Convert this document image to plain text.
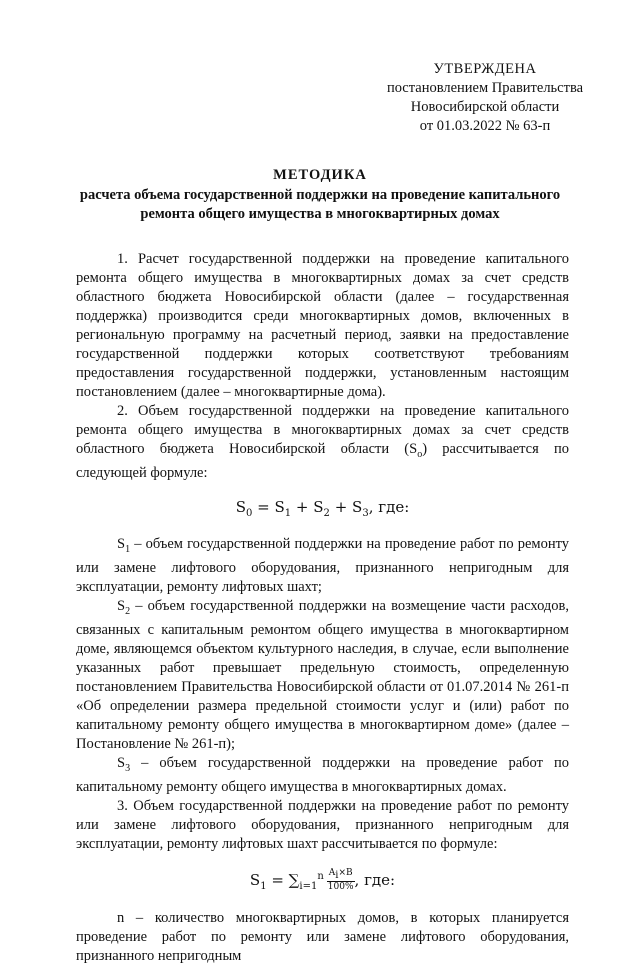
УТВЕРЖДЕНА
постановлением Правительства
Новосибирской области
от 01.03.2022 № 63-п
МЕТОДИКА
расчета объема государственной поддержки на проведение капитального
ремонта общего имущества в многоквартирных домах

1. Расчет государственной поддержки на проведение капитального ремонта общего имущества в многоквартирных домах за счет средств областного бюджета Новосибирской области (далее – государственная поддержка) производится среди многоквартирных домов, включенных в региональную программу на расчетный период, заявки на предоставление государственной поддержки которых соответствуют требованиям предоставления государственной поддержки, установленным настоящим постановлением (далее – многоквартирные дома).

2. Объем государственной поддержки на проведение капитального ремонта общего имущества в многоквартирных домах за счет средств областного бюджета Новосибирской области $(S_о)$ рассчитывается по следующей формуле:

$S_0 = S_1 + S_2 + S_3$, где:

$S_1$ – объем государственной поддержки на проведение работ по ремонту или замене лифтового оборудования, признанного непригодным для эксплуатации, ремонту лифтовых шахт;

$S_2$ – объем государственной поддержки на возмещение части расходов, связанных с капитальным ремонтом общего имущества в многоквартирном доме, являющемся объектом культурного наследия, в случае, если выполнение указанных работ превышает предельную стоимость, определенную постановлением Правительства Новосибирской области от 01.07.2014 № 261-п «Об определении размера предельной стоимости услуг и (или) работ по капитальному ремонту общего имущества в многоквартирном доме» (далее – Постановление № 261-п);

$S_3$ – объем государственной поддержки на проведение работ по капитальному ремонту общего имущества в многоквартирных домах.

3. Объем государственной поддержки на проведение работ по ремонту или замене лифтового оборудования, признанного непригодным для эксплуатации, ремонту лифтовых шахт рассчитывается по формуле:

$S_1 = \sum_{i=1}^n \frac{A_i\times B}{100\%}$ , где:

n – количество многоквартирных домов, в которых планируется проведение работ по ремонту или замене лифтового оборудования, признанного непригодным
